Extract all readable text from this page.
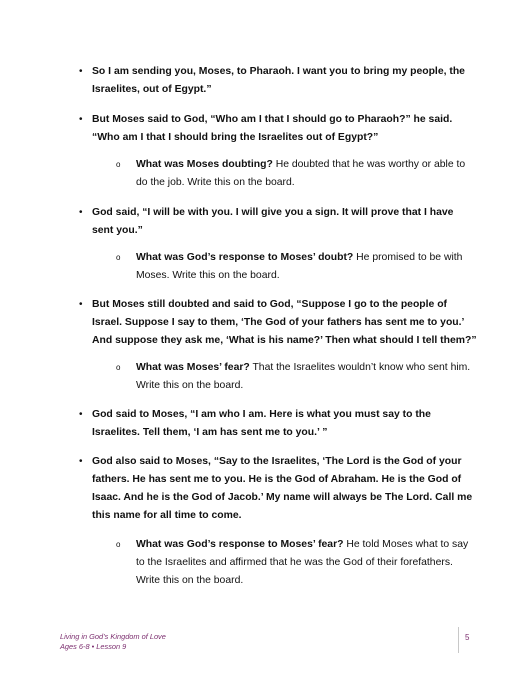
• So I am sending you, Moses, to Pharaoh. I want you to bring my people, the Israelites, out of Egypt.”
• But Moses said to God, “Who am I that I should go to Pharaoh?” he said. “Who am I that I should bring the Israelites out of Egypt?”
o What was Moses doubting? He doubted that he was worthy or able to do the job. Write this on the board.
• God said, “I will be with you. I will give you a sign. It will prove that I have sent you.”
o What was God’s response to Moses’ doubt? He promised to be with Moses. Write this on the board.
• But Moses still doubted and said to God, “Suppose I go to the people of Israel. Suppose I say to them, ‘The God of your fathers has sent me to you.’ And suppose they ask me, ‘What is his name?’ Then what should I tell them?”
o What was Moses’ fear? That the Israelites wouldn’t know who sent him. Write this on the board.
• God said to Moses, “I am who I am. Here is what you must say to the Israelites. Tell them, ‘I am has sent me to you.’ ”
• God also said to Moses, “Say to the Israelites, ‘The Lord is the God of your fathers. He has sent me to you. He is the God of Abraham. He is the God of Isaac. And he is the God of Jacob.’ My name will always be The Lord. Call me this name for all time to come.
o What was God’s response to Moses’ fear? He told Moses what to say to the Israelites and affirmed that he was the God of their forefathers. Write this on the board.
Living in God’s Kingdom of Love
Ages 6-8 • Lesson 9
5
